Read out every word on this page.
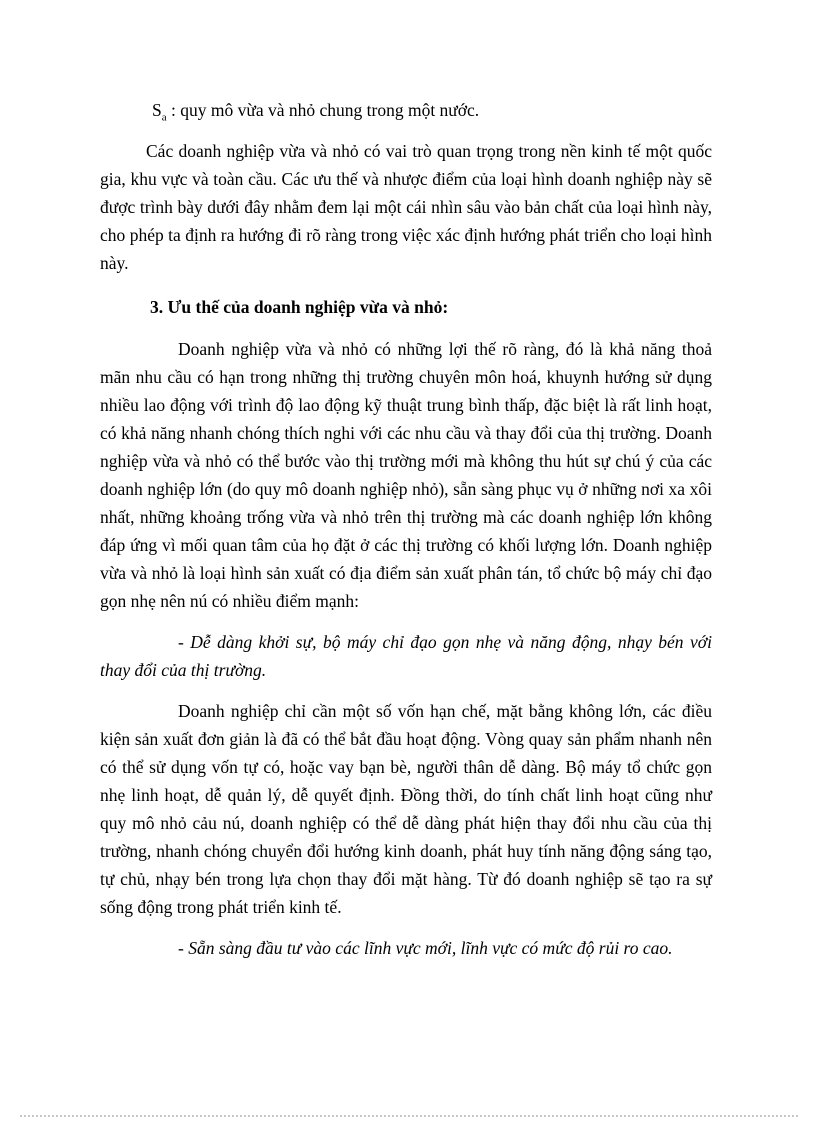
$S_a$ : quy mô vừa và nhỏ chung trong một nước.

Các doanh nghiệp vừa và nhỏ có vai trò quan trọng trong nền kinh tế một quốc gia, khu vực và toàn cầu. Các ưu thế và nhược điểm của loại hình doanh nghiệp này sẽ được trình bày dưới đây nhằm đem lại một cái nhìn sâu vào bản chất của loại hình này, cho phép ta định ra hướng đi rõ ràng trong việc xác định hướng phát triển cho loại hình này.

3. Ưu thế của doanh nghiệp vừa và nhỏ:

Doanh nghiệp vừa và nhỏ có những lợi thế rõ ràng, đó là khả năng thoả mãn nhu cầu có hạn trong những thị trường chuyên môn hoá, khuynh hướng sử dụng nhiều lao động với trình độ lao động kỹ thuật trung bình thấp, đặc biệt là rất linh hoạt, có khả năng nhanh chóng thích nghi với các nhu cầu và thay đổi của thị trường. Doanh nghiệp vừa và nhỏ có thể bước vào thị trường mới mà không thu hút sự chú ý của các doanh nghiệp lớn (do quy mô doanh nghiệp nhỏ), sẵn sàng phục vụ ở những nơi xa xôi nhất, những khoảng trống vừa và nhỏ trên thị trường mà các doanh nghiệp lớn không đáp ứng vì mối quan tâm của họ đặt ở các thị trường có khối lượng lớn. Doanh nghiệp vừa và nhỏ là loại hình sản xuất có địa điểm sản xuất phân tán, tổ chức bộ máy chỉ đạo gọn nhẹ nên nú có nhiều điểm mạnh:

- Dễ dàng khởi sự, bộ máy chỉ đạo gọn nhẹ và năng động, nhạy bén với thay đổi của thị trường.

Doanh nghiệp chỉ cần một số vốn hạn chế, mặt bằng không lớn, các điều kiện sản xuất đơn giản là đã có thể bắt đầu hoạt động. Vòng quay sản phẩm nhanh nên có thể sử dụng vốn tự có, hoặc vay bạn bè, người thân dễ dàng. Bộ máy tổ chức gọn nhẹ linh hoạt, dễ quản lý, dễ quyết định. Đồng thời, do tính chất linh hoạt cũng như quy mô nhỏ cảu nú, doanh nghiệp có thể dễ dàng phát hiện thay đổi nhu cầu của thị trường, nhanh chóng chuyển đổi hướng kinh doanh, phát huy tính năng động sáng tạo, tự chủ, nhạy bén trong lựa chọn thay đổi mặt hàng. Từ đó doanh nghiệp sẽ tạo ra sự sống động trong phát triển kinh tế.

- Sẵn sàng đầu tư vào các lĩnh vực mới, lĩnh vực có mức độ rủi ro cao.
